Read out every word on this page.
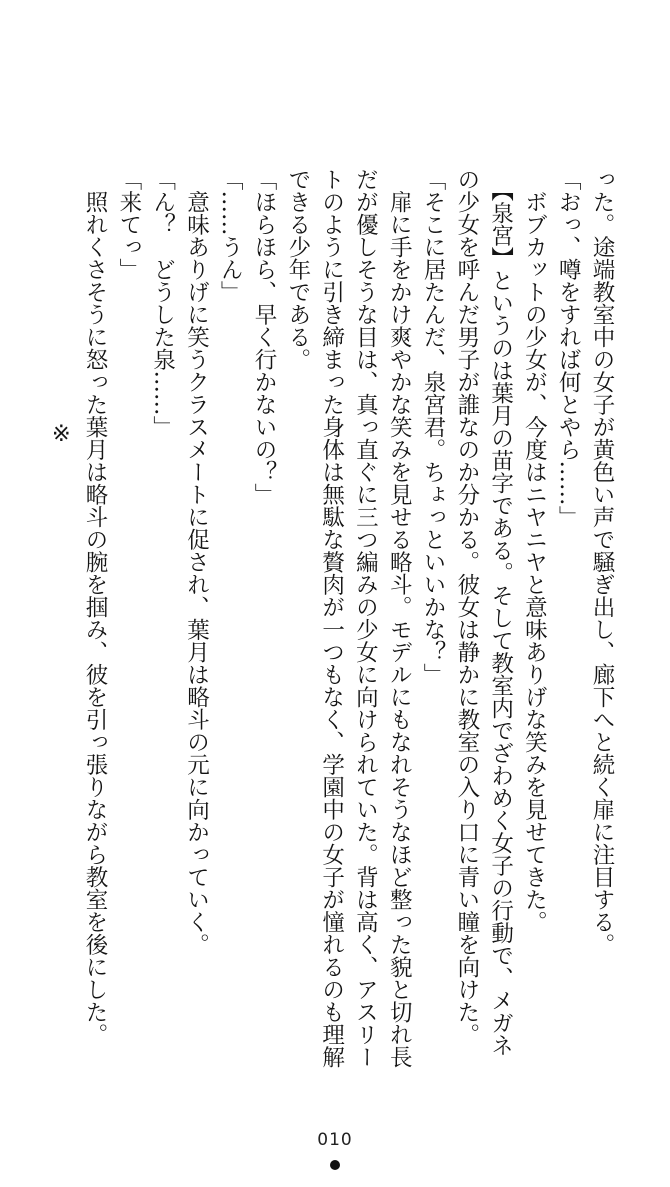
った。途端教室中の女子が黄色い声で騒ぎ出し、廊下へと続く扉に注目する。
「おっ、噂をすれば何とやら……」
　ボブカットの少女が、今度はニヤニヤと意味ありげな笑みを見せてきた。
　【泉宮】というのは葉月の苗字である。そして教室内でざわめく女子の行動で、メガネ
の少女を呼んだ男子が誰なのか分かる。彼女は静かに教室の入り口に青い瞳を向けた。
「そこに居たんだ、泉宮君。ちょっといいかな？」
　扉に手をかけ爽やかな笑みを見せる略斗。モデルにもなれそうなほど整った貌と切れ長
だが優しそうな目は、真っ直ぐに三つ編みの少女に向けられていた。背は高く、アスリー
トのように引き締まった身体は無駄な贅肉が一つもなく、学園中の女子が憧れるのも理解
できる少年である。
「ほらほら、早く行かないの？」
「……うん」
　意味ありげに笑うクラスメートに促され、葉月は略斗の元に向かっていく。
「ん？　どうした泉……」
「来てっ」
　照れくさそうに怒った葉月は略斗の腕を掴み、彼を引っ張りながら教室を後にした。
※
010
